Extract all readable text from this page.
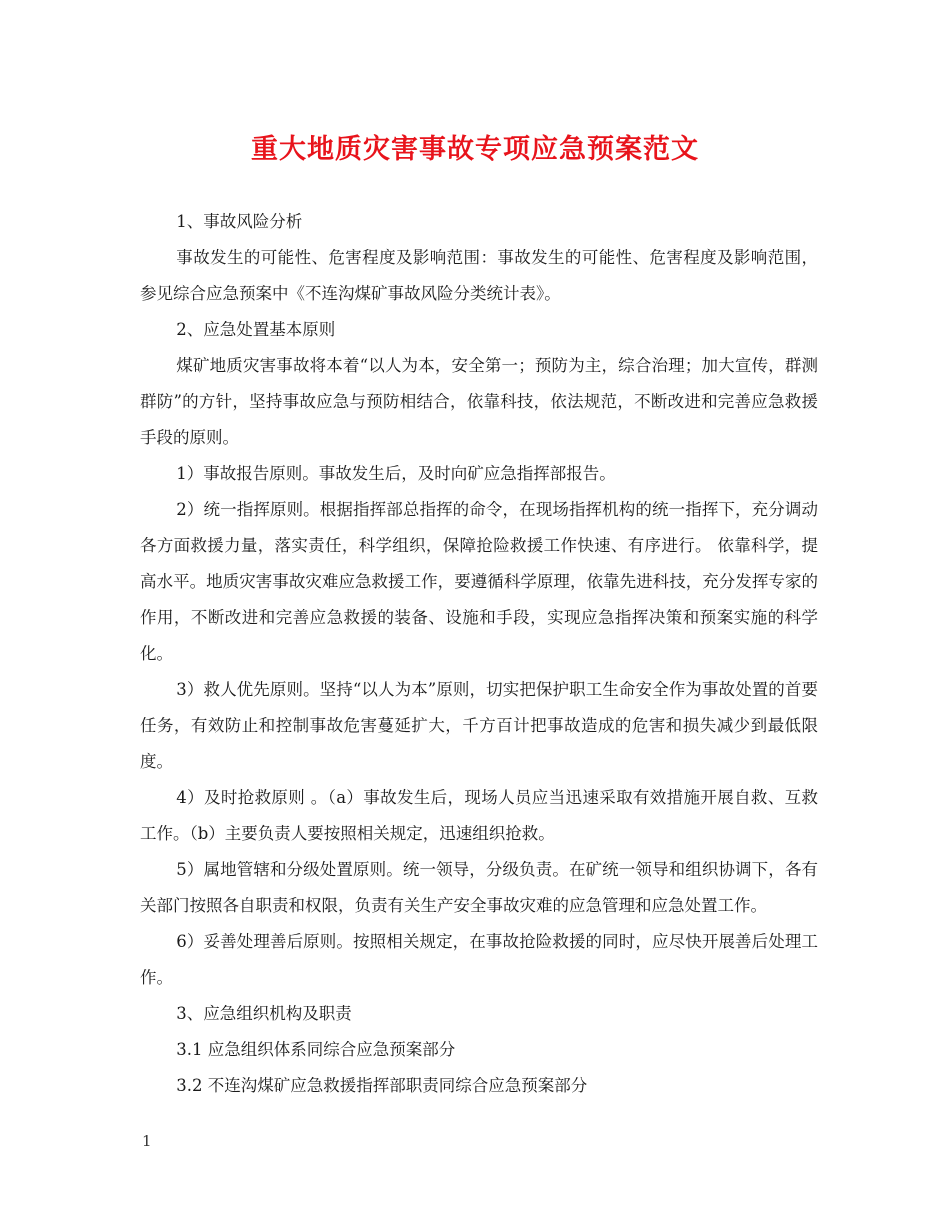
重大地质灾害事故专项应急预案范文

1、事故风险分析

事故发生的可能性、危害程度及影响范围：事故发生的可能性、危害程度及影响范围，参见综合应急预案中《不连沟煤矿事故风险分类统计表》。

2、应急处置基本原则

煤矿地质灾害事故将本着“以人为本，安全第一；预防为主，综合治理；加大宣传，群测群防”的方针，坚持事故应急与预防相结合，依靠科技，依法规范，不断改进和完善应急救援手段的原则。

1）事故报告原则。事故发生后，及时向矿应急指挥部报告。

2）统一指挥原则。根据指挥部总指挥的命令，在现场指挥机构的统一指挥下，充分调动各方面救援力量，落实责任，科学组织，保障抢险救援工作快速、有序进行。 依靠科学，提高水平。地质灾害事故灾难应急救援工作，要遵循科学原理，依靠先进科技，充分发挥专家的作用，不断改进和完善应急救援的装备、设施和手段，实现应急指挥决策和预案实施的科学化。

3）救人优先原则。坚持“以人为本”原则，切实把保护职工生命安全作为事故处置的首要任务，有效防止和控制事故危害蔓延扩大，千方百计把事故造成的危害和损失减少到最低限度。

4）及时抢救原则 。（a）事故发生后，现场人员应当迅速采取有效措施开展自救、互救工作。（b）主要负责人要按照相关规定，迅速组织抢救。

5）属地管辖和分级处置原则。统一领导，分级负责。在矿统一领导和组织协调下，各有关部门按照各自职责和权限，负责有关生产安全事故灾难的应急管理和应急处置工作。

6）妥善处理善后原则。按照相关规定，在事故抢险救援的同时，应尽快开展善后处理工作。

3、应急组织机构及职责

3.1 应急组织体系同综合应急预案部分

3.2 不连沟煤矿应急救援指挥部职责同综合应急预案部分

1
